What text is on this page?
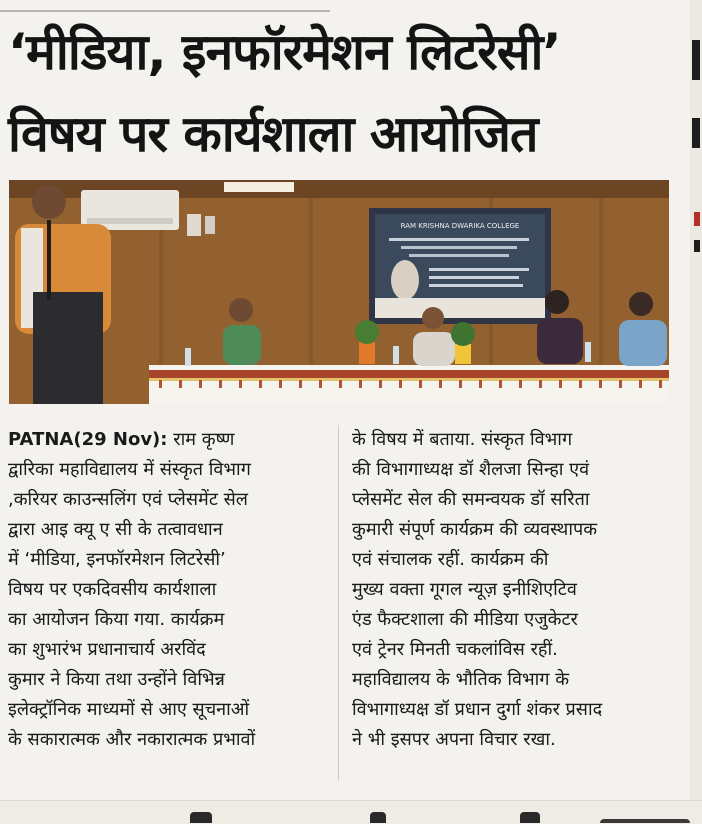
‘मीडिया, इनफॉरमेशन लिटरेसी’
विषय पर कार्यशाला आयोजित
RAM KRISHNA DWARIKA COLLEGE
PATNA(29 Nov): राम कृष्ण
द्वारिका महाविद्यालय में संस्कृत विभाग
,करियर काउन्सलिंग एवं प्लेसमेंट सेल
द्वारा आइ क्यू ए सी के तत्वावधान
में ‘मीडिया, इनफॉरमेशन लिटरेसी’
विषय पर एकदिवसीय कार्यशाला
का आयोजन किया गया. कार्यक्रम
का शुभारंभ प्रधानाचार्य अरविंद
कुमार ने किया तथा उन्होंने विभिन्न
इलेक्ट्रॉनिक माध्यमों से आए सूचनाओं
के सकारात्मक और नकारात्मक प्रभावों
के विषय में बताया. संस्कृत विभाग
की विभागाध्यक्ष डॉ शैलजा सिन्हा एवं
प्लेसमेंट सेल की समन्वयक डॉ सरिता
कुमारी संपूर्ण कार्यक्रम की व्यवस्थापक
एवं संचालक रहीं. कार्यक्रम की
मुख्य वक्ता गूगल न्यूज़ इनीशिएटिव
एंड फैक्टशाला की मीडिया एजुकेटर
एवं ट्रेनर मिनती चकलांविस रहीं.
महाविद्यालय के भौतिक विभाग के
विभागाध्यक्ष डॉ प्रधान दुर्गा शंकर प्रसाद
ने भी इसपर अपना विचार रखा.
